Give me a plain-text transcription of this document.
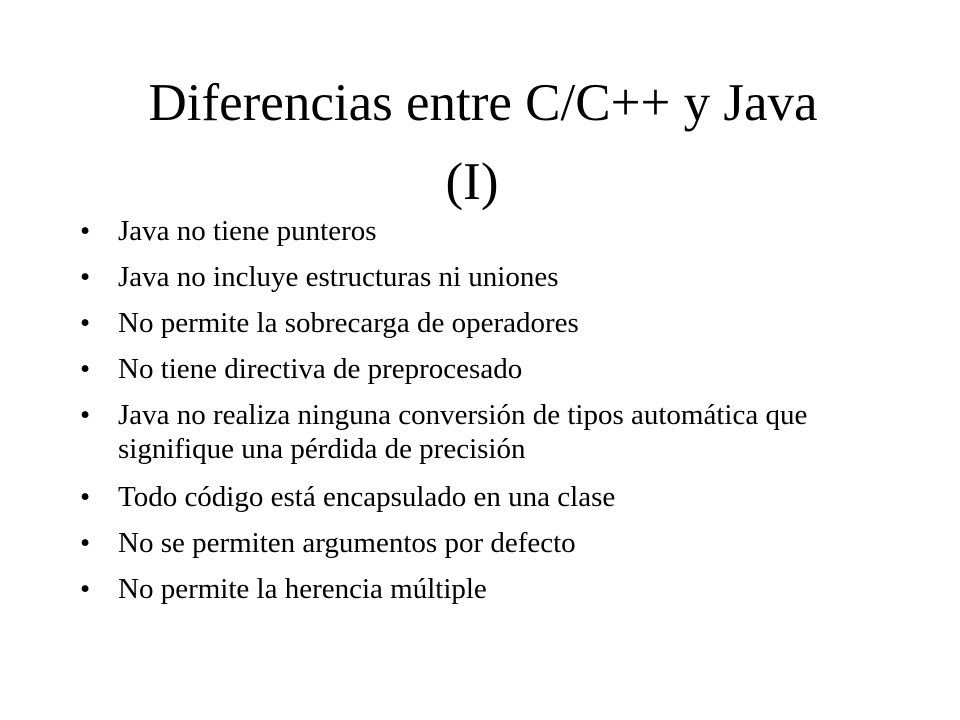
Diferencias entre C/C++ y Java
(I)
• Java no tiene punteros
• Java no incluye estructuras ni uniones
• No permite la sobrecarga de operadores
• No tiene directiva de preprocesado
• Java no realiza ninguna conversión de tipos automática que signifique una pérdida de precisión
• Todo código está encapsulado en una clase
• No se permiten argumentos por defecto
• No permite la herencia múltiple
